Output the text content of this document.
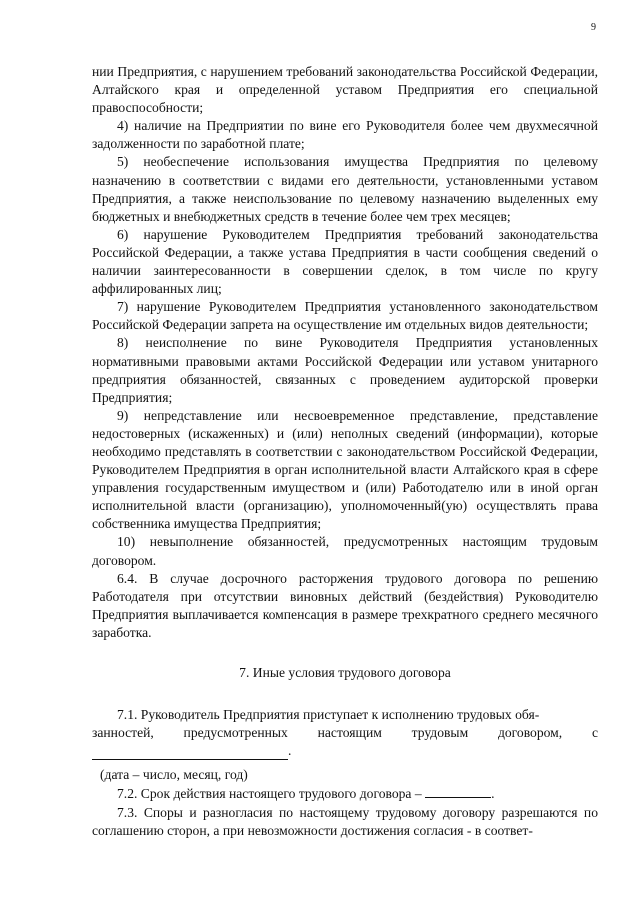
9

нии Предприятия, с нарушением требований законодательства Российской Федерации, Алтайского края и определенной уставом Предприятия его специальной правоспособности;

4) наличие на Предприятии по вине его Руководителя более чем двухмесячной задолженности по заработной плате;

5) необеспечение использования имущества Предприятия по целевому назначению в соответствии с видами его деятельности, установленными уставом Предприятия, а также неиспользование по целевому назначению выделенных ему бюджетных и внебюджетных средств в течение более чем трех месяцев;

6) нарушение Руководителем Предприятия требований законодательства Российской Федерации, а также устава Предприятия в части сообщения сведений о наличии заинтересованности в совершении сделок, в том числе по кругу аффилированных лиц;

7) нарушение Руководителем Предприятия установленного законодательством Российской Федерации запрета на осуществление им отдельных видов деятельности;

8) неисполнение по вине Руководителя Предприятия установленных нормативными правовыми актами Российской Федерации или уставом унитарного предприятия обязанностей, связанных с проведением аудиторской проверки Предприятия;

9) непредставление или несвоевременное представление, представление недостоверных (искаженных) и (или) неполных сведений (информации), которые необходимо представлять в соответствии с законодательством Российской Федерации, Руководителем Предприятия в орган исполнительной власти Алтайского края в сфере управления государственным имуществом и (или) Работодателю или в иной орган исполнительной власти (организацию), уполномоченный(ую) осуществлять права собственника имущества Предприятия;

10) невыполнение обязанностей, предусмотренных настоящим трудовым договором.

6.4. В случае досрочного расторжения трудового договора по решению Работодателя при отсутствии виновных действий (бездействия) Руководителю Предприятия выплачивается компенсация в размере трехкратного среднего месячного заработка.

7. Иные условия трудового договора

7.1. Руководитель Предприятия приступает к исполнению трудовых обя-

занностей, предусмотренных настоящим трудовым договором, с
.

(дата – число, месяц, год)

7.2. Срок действия настоящего трудового договора –	.

7.3. Споры и разногласия по настоящему трудовому договору разрешаются по соглашению сторон, а при невозможности достижения согласия - в соответ-
